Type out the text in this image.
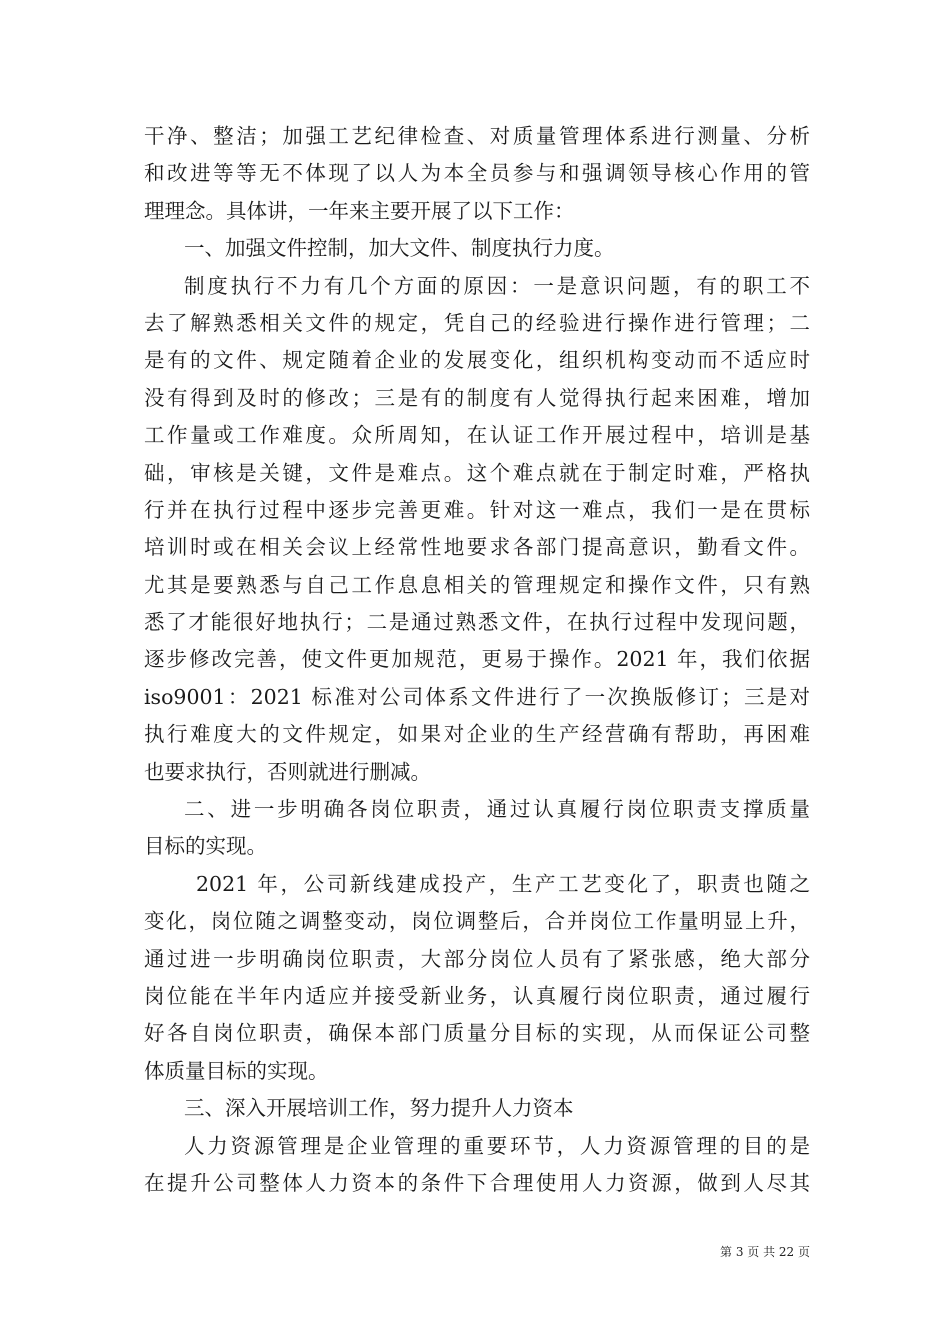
干净、整洁；加强工艺纪律检查、对质量管理体系进行测量、分析
和改进等等无不体现了以人为本全员参与和强调领导核心作用的管
理理念。具体讲，一年来主要开展了以下工作：
一、加强文件控制，加大文件、制度执行力度。
制度执行不力有几个方面的原因：一是意识问题，有的职工不
去了解熟悉相关文件的规定，凭自己的经验进行操作进行管理；二
是有的文件、规定随着企业的发展变化，组织机构变动而不适应时
没有得到及时的修改；三是有的制度有人觉得执行起来困难，增加
工作量或工作难度。众所周知，在认证工作开展过程中，培训是基
础，审核是关键，文件是难点。这个难点就在于制定时难，严格执
行并在执行过程中逐步完善更难。针对这一难点，我们一是在贯标
培训时或在相关会议上经常性地要求各部门提高意识，勤看文件。
尤其是要熟悉与自己工作息息相关的管理规定和操作文件，只有熟
悉了才能很好地执行；二是通过熟悉文件，在执行过程中发现问题，
逐步修改完善，使文件更加规范，更易于操作。2021 年，我们依据
iso9001：2021 标准对公司体系文件进行了一次换版修订；三是对
执行难度大的文件规定，如果对企业的生产经营确有帮助，再困难
也要求执行，否则就进行删减。
二、进一步明确各岗位职责，通过认真履行岗位职责支撑质量
目标的实现。
2021 年，公司新线建成投产，生产工艺变化了，职责也随之
变化，岗位随之调整变动，岗位调整后，合并岗位工作量明显上升，
通过进一步明确岗位职责，大部分岗位人员有了紧张感，绝大部分
岗位能在半年内适应并接受新业务，认真履行岗位职责，通过履行
好各自岗位职责，确保本部门质量分目标的实现，从而保证公司整
体质量目标的实现。
三、深入开展培训工作，努力提升人力资本
人力资源管理是企业管理的重要环节，人力资源管理的目的是
在提升公司整体人力资本的条件下合理使用人力资源，做到人尽其
第 3 页 共 22 页
